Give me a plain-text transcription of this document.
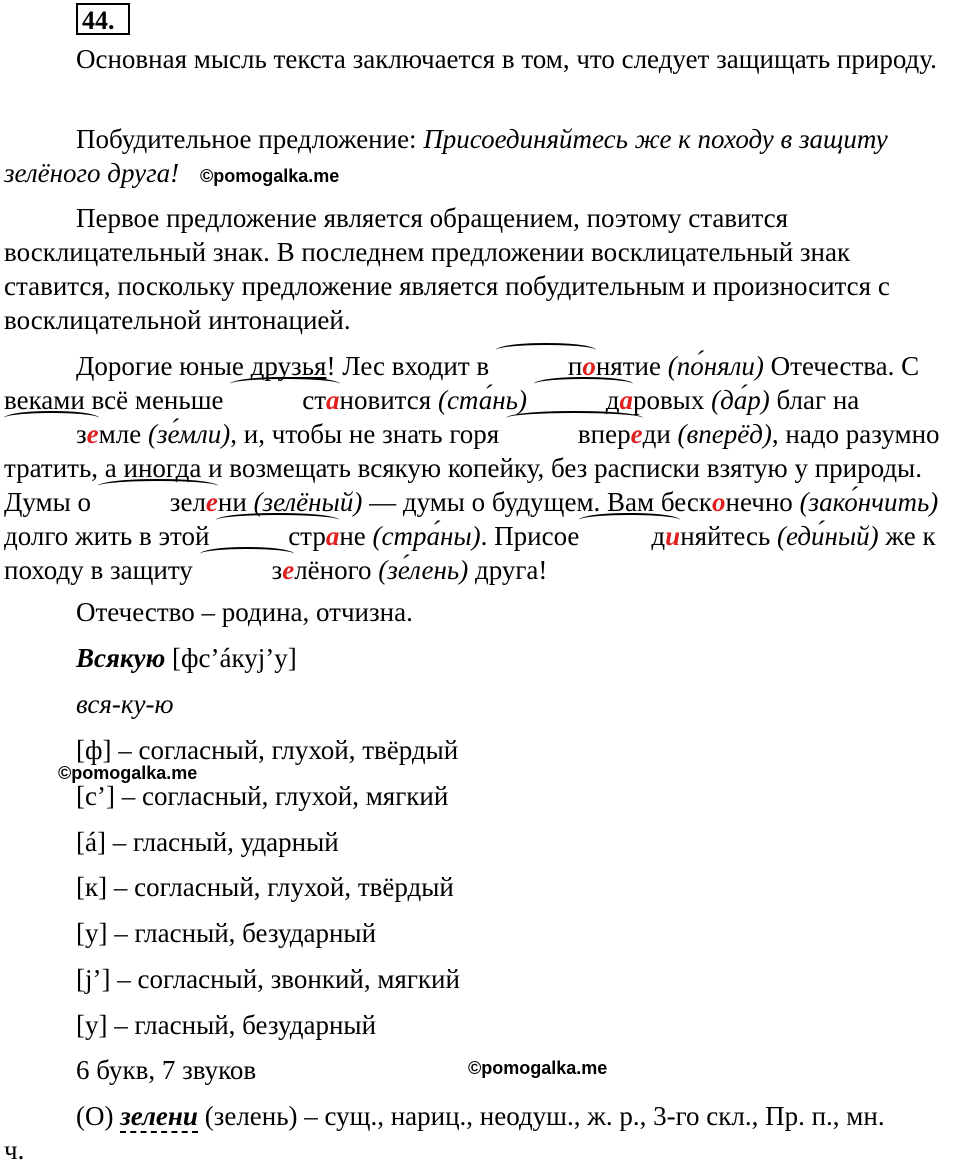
44.

Основная мысль текста заключается в том, что следует защищать природу.

Побудительное предложение: Присоединяйтесь же к походу в защиту зелёного друга!	©pomogalka.me

Первое предложение является обращением, поэтому ставится восклицательный знак. В последнем предложении восклицательный знак ставится, поскольку предложение является побудительным и произносится с восклицательной интонацией.

Дорогие юные друзья! Лес входит в	понятие (по́няли) Отечества. С веками всё меньше	становится (ста́нь)	даровых (да́р) благ на земле (зе́мли), и, чтобы не знать горя	впереди (вперёд), надо разумно тратить, а иногда и возмещать всякую копейку, без расписки взятую у природы. Думы о	зелени (зелёный) — думы о будущем. Вам бесконечно (зако́нчить) долго жить в этой	стране (стра́ны). Присое	диняйтесь (еди́ный) же к походу в защиту	зелёного (зе́лень) друга!

Отечество – родина, отчизна.
Всякую [фс’áкуj’у]
вся-ку-ю
[ф] – согласный, глухой, твёрдый
©pomogalka.me
[с’] – согласный, глухой, мягкий
[á] – гласный, ударный
[к] – согласный, глухой, твёрдый
[у] – гласный, безударный
[j’] – согласный, звонкий, мягкий
[у] – гласный, безударный
6 букв, 7 звуков	©pomogalka.me
(О) зелени (зелень) – сущ., нариц., неодуш., ж. р., 3-го скл., Пр. п., мн.
ч.
